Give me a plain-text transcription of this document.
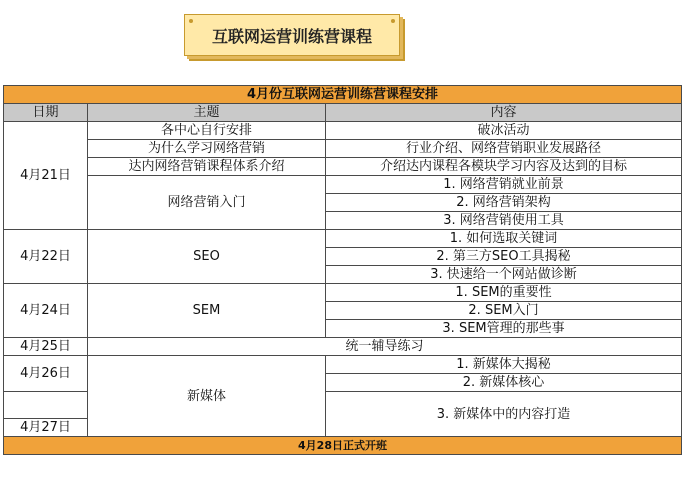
互联网运营训练营课程
4月份互联网运营训练营课程安排		
日期	主题	内容
4月21日	各中心自行安排	破冰活动
	为什么学习网络营销	行业介绍、网络营销职业发展路径
	达内网络营销课程体系介绍	介绍达内课程各模块学习内容及达到的目标
	网络营销入门	1. 网络营销就业前景
		2. 网络营销架构
		3. 网络营销使用工具
4月22日	SEO	1. 如何选取关键词
		2. 第三方SEO工具揭秘
		3. 快速给一个网站做诊断
4月24日	SEM	1. SEM的重要性
		2. SEM入门
		3. SEM管理的那些事
4月25日	统一辅导练习	
4月26日	新媒体	1. 新媒体大揭秘
		2. 新媒体核心
		3. 新媒体中的内容打造
4月27日		
4月28日正式开班		
